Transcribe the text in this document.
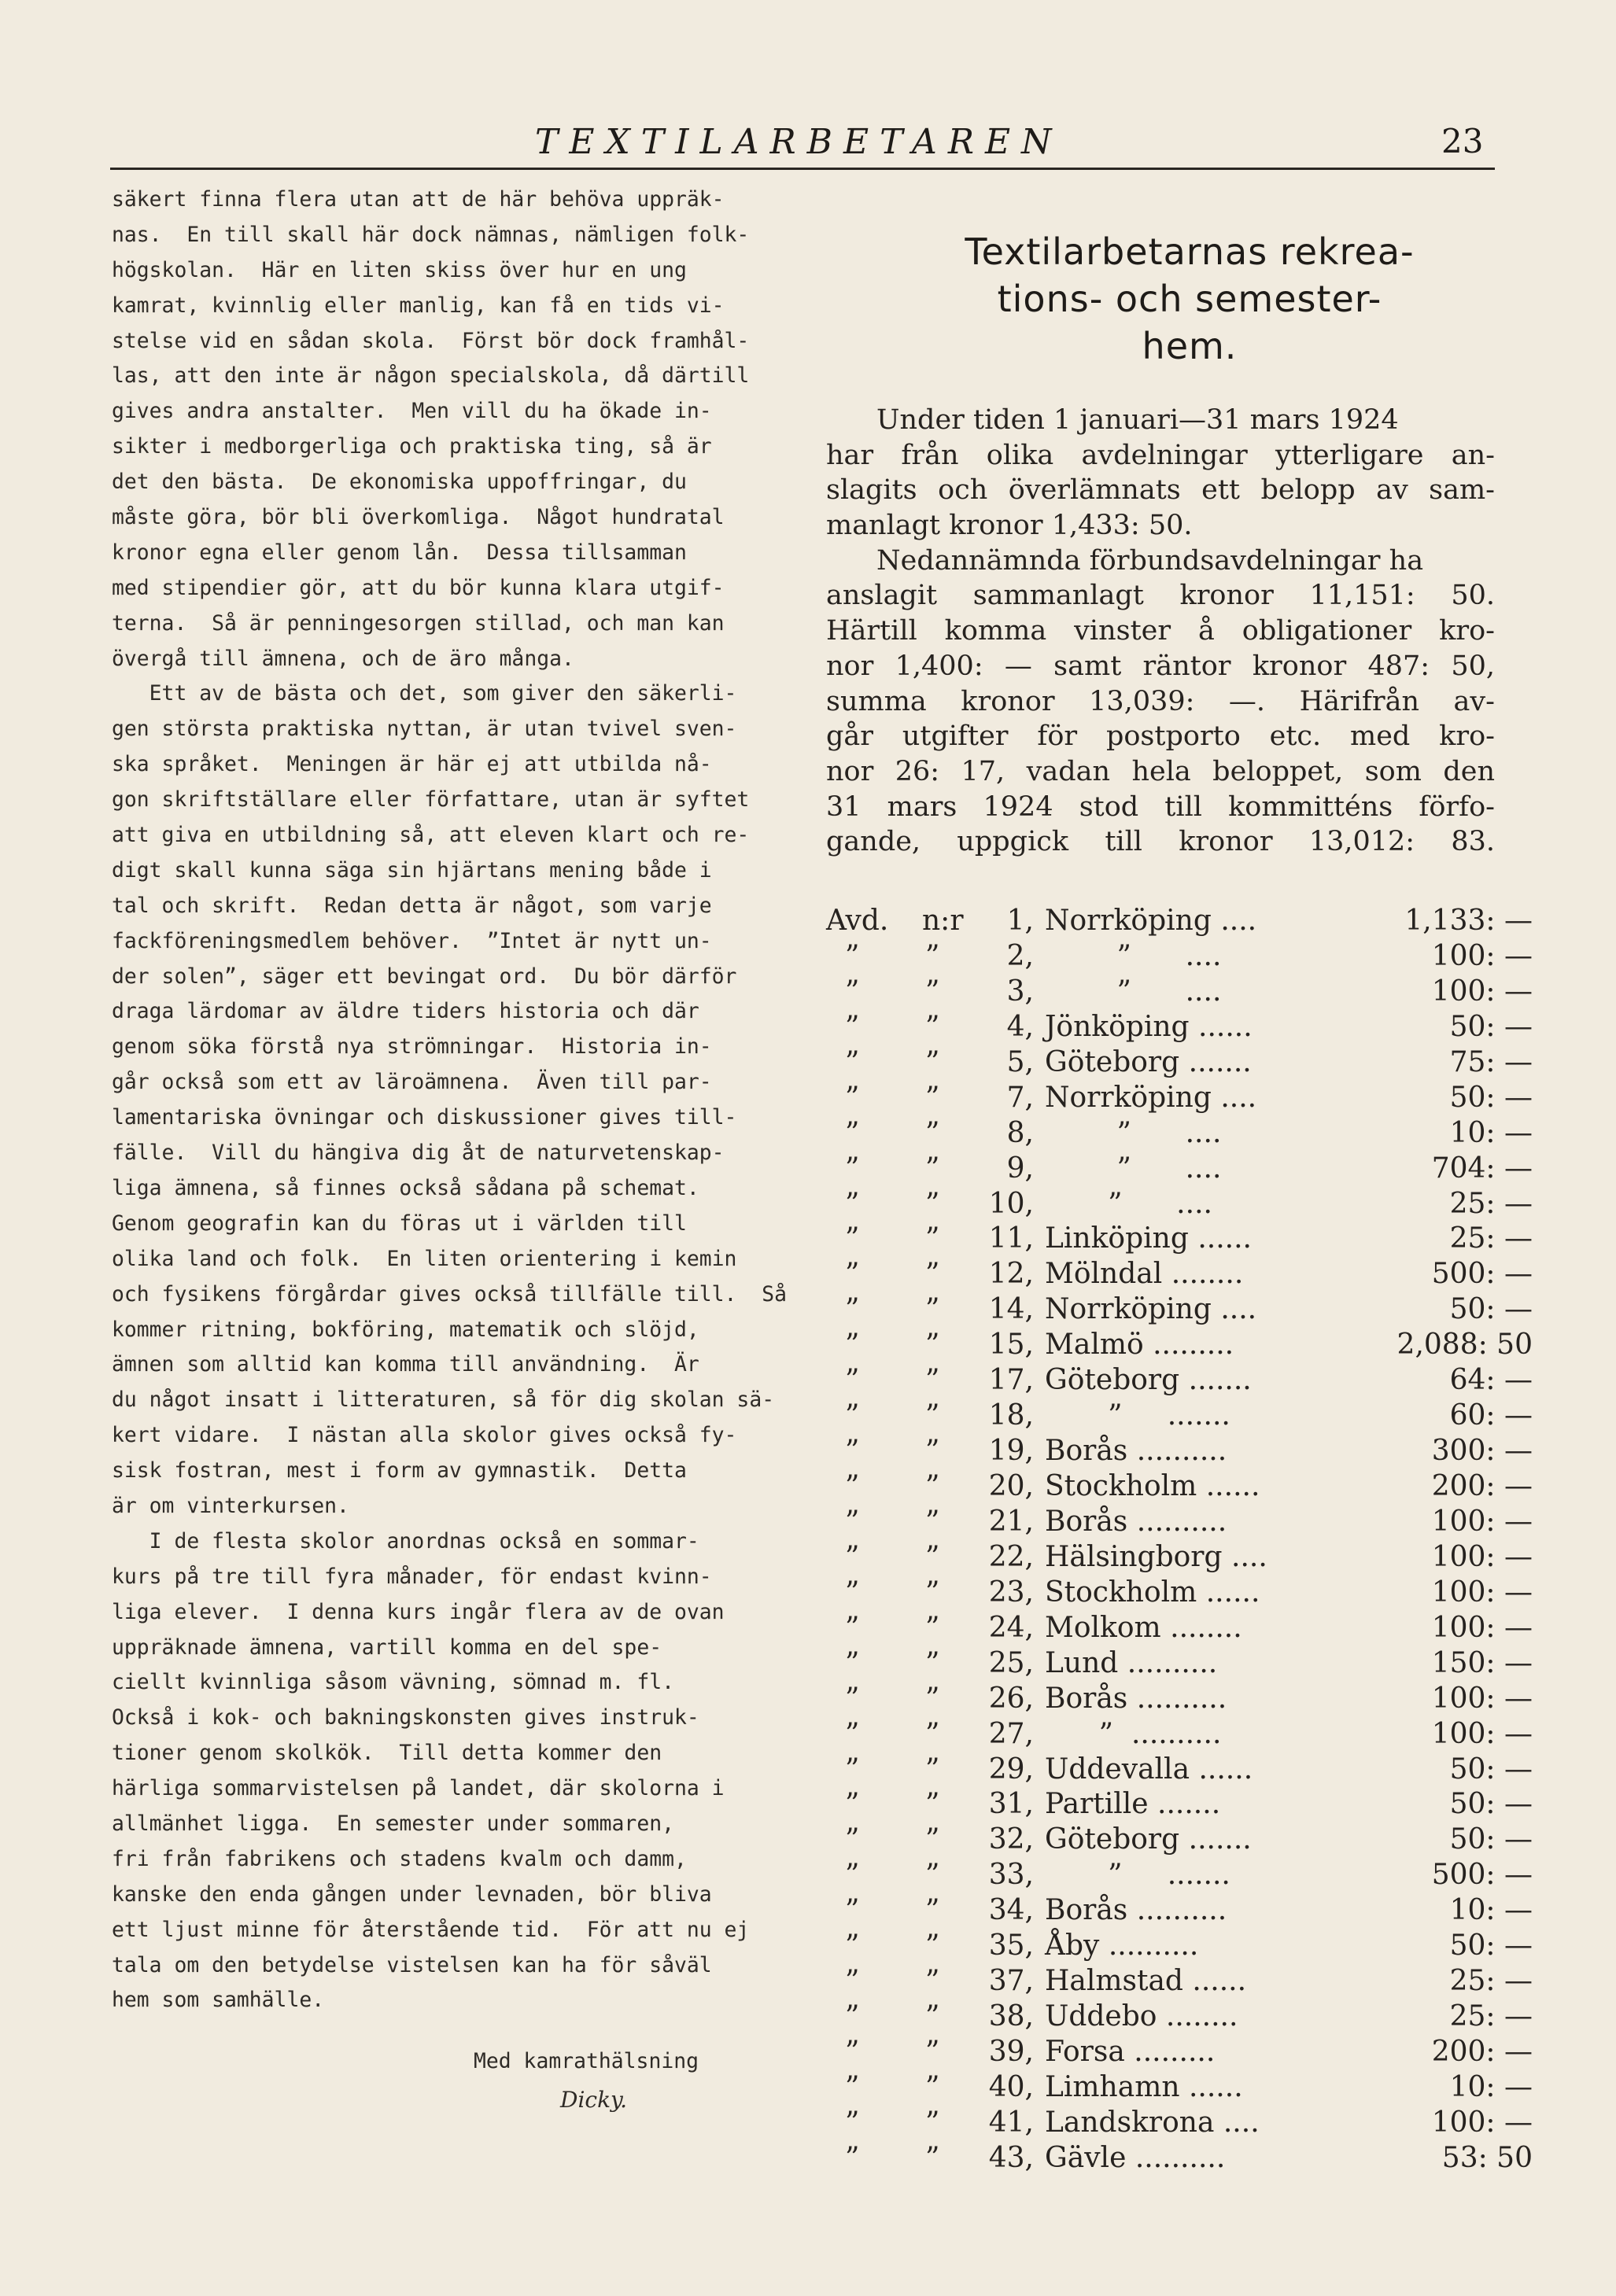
TEXTILARBETAREN	23
säkert finna flera utan att de här behöva uppräk-
nas.  En till skall här dock nämnas, nämligen folk-
högskolan.  Här en liten skiss över hur en ung
kamrat, kvinnlig eller manlig, kan få en tids vi-
stelse vid en sådan skola.  Först bör dock framhål-
las, att den inte är någon specialskola, då därtill
gives andra anstalter.  Men vill du ha ökade in-
sikter i medborgerliga och praktiska ting, så är
det den bästa.  De ekonomiska uppoffringar, du
måste göra, bör bli överkomliga.  Något hundratal
kronor egna eller genom lån.  Dessa tillsamman
med stipendier gör, att du bör kunna klara utgif-
terna.  Så är penningesorgen stillad, och man kan
övergå till ämnena, och de äro många.
Ett av de bästa och det, som giver den säkerli-
gen största praktiska nyttan, är utan tvivel sven-
ska språket.  Meningen är här ej att utbilda nå-
gon skriftställare eller författare, utan är syftet
att giva en utbildning så, att eleven klart och re-
digt skall kunna säga sin hjärtans mening både i
tal och skrift.  Redan detta är något, som varje
fackföreningsmedlem behöver.  ”Intet är nytt un-
der solen”, säger ett bevingat ord.  Du bör därför
draga lärdomar av äldre tiders historia och där
genom söka förstå nya strömningar.  Historia in-
går också som ett av läroämnena.  Även till par-
lamentariska övningar och diskussioner gives till-
fälle.  Vill du hängiva dig åt de naturvetenskap-
liga ämnena, så finnes också sådana på schemat.
Genom geografin kan du föras ut i världen till
olika land och folk.  En liten orientering i kemin
och fysikens förgårdar gives också tillfälle till.  Så
kommer ritning, bokföring, matematik och slöjd,
ämnen som alltid kan komma till användning.  Är
du något insatt i litteraturen, så för dig skolan sä-
kert vidare.  I nästan alla skolor gives också fy-
sisk fostran, mest i form av gymnastik.  Detta
är om vinterkursen.
I de flesta skolor anordnas också en sommar-
kurs på tre till fyra månader, för endast kvinn-
liga elever.  I denna kurs ingår flera av de ovan
uppräknade ämnena, vartill komma en del spe-
ciellt kvinnliga såsom vävning, sömnad m. fl.
Också i kok- och bakningskonsten gives instruk-
tioner genom skolkök.  Till detta kommer den
härliga sommarvistelsen på landet, där skolorna i
allmänhet ligga.  En semester under sommaren,
fri från fabrikens och stadens kvalm och damm,
kanske den enda gången under levnaden, bör bliva
ett ljust minne för återstående tid.  För att nu ej
tala om den betydelse vistelsen kan ha för såväl
hem som samhälle.
Med kamrathälsning
Dicky.
Textilarbetarnas rekrea-
tions- och semester-
hem.
Under tiden 1 januari—31 mars 1924
har från olika avdelningar ytterligare an-
slagits och överlämnats ett belopp av sam-
manlagt kronor 1,433: 50.
Nedannämnda förbundsavdelningar ha
anslagit sammanlagt kronor 11,151: 50.
Härtill komma vinster å obligationer kro-
nor 1,400: — samt räntor kronor 487: 50,
summa kronor 13,039: —. Härifrån av-
går utgifter för postporto etc. med kro-
nor 26: 17, vadan hela beloppet, som den
31 mars 1924 stod till kommitténs förfo-
gande, uppgick till kronor 13,012: 83.
Avd. n:r	1, Norrköping ....	1,133: —
” ”	2, ”      ....	100: —
” ”	3, ”      ....	100: —
” ”	4, Jönköping ......	50: —
” ”	5, Göteborg .......	75: —
” ”	7, Norrköping ....	50: —
” ”	8, ”      ....	10: —
” ”	9, ”      ....	704: —
” ” 10, ”      ....	25: —
” ” 11, Linköping ......	25: —
” ” 12, Mölndal ........	500: —
” ” 14, Norrköping ....	50: —
” ” 15, Malmö .........	2,088: 50
” ” 17, Göteborg .......	64: —
” ” 18, ”     .......	60: —
” ” 19, Borås ..........	300: —
” ” 20, Stockholm ......	200: —
” ” 21, Borås ..........	100: —
” ” 22, Hälsingborg ....	100: —
” ” 23, Stockholm ......	100: —
” ” 24, Molkom ........	100: —
” ” 25, Lund ..........	150: —
” ” 26, Borås ..........	100: —
” ” 27, ”  ..........	100: —
” ” 29, Uddevalla ......	50: —
” ” 31, Partille .......	50: —
” ” 32, Göteborg .......	50: —
” ” 33, ”     .......	500: —
” ” 34, Borås ..........	10: —
” ” 35, Åby ..........	50: —
” ” 37, Halmstad ......	25: —
” ” 38, Uddebo ........	25: —
” ” 39, Forsa .........	200: —
” ” 40, Limhamn ......	10: —
” ” 41, Landskrona ....	100: —
” ” 43, Gävle ..........	53: 50
